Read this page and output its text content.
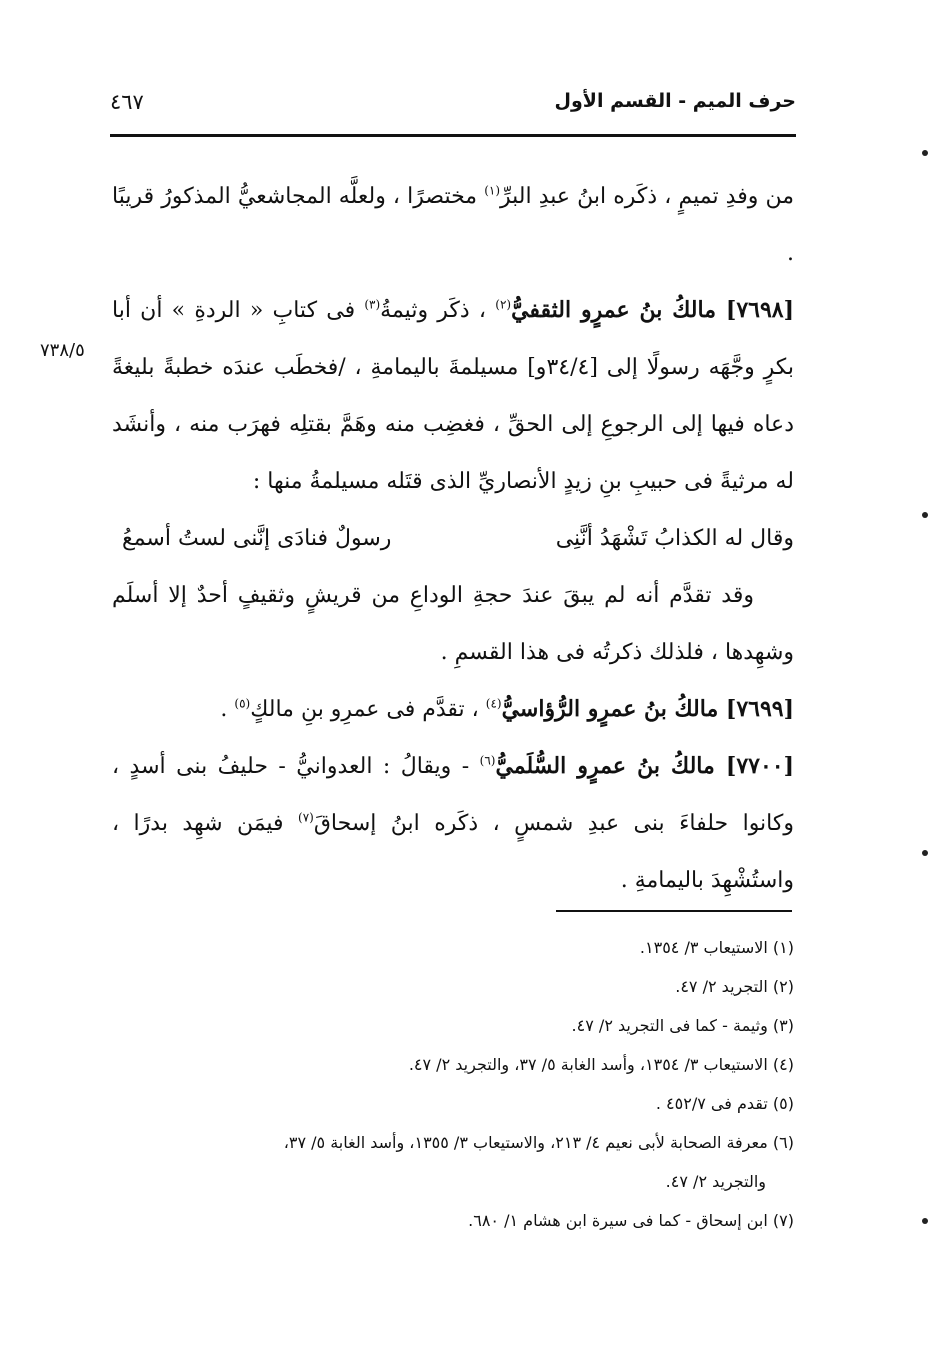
حرف الميم - القسم الأول
٤٦٧
٧٣٨/٥

من وفدِ تميمٍ ، ذكَره ابنُ عبدِ البرِّ$^{(١)}$ مختصرًا ، ولعلَّه المجاشعيُّ المذكورُ قريبًا .

[٧٦٩٨] مالكُ بنُ عمرٍو الثقفيُّ$^{(٢)}$ ، ذكَر وثيمةُ$^{(٣)}$ فى كتابِ « الردةِ » أن أبا بكرٍ وجَّهَه رسولًا إلى [٣٤/٤و] مسيلمةَ باليمامةِ ، /فخطَب عندَه خطبةً بليغةً دعاه فيها إلى الرجوعِ إلى الحقِّ ، فغضِب منه وهَمَّ بقتلِه فهرَب منه ، وأنشَد له مرثيةً فى حبيبِ بنِ زيدٍ الأنصاريِّ الذى قتَله مسيلمةُ منها :

وقال له الكذابُ تَشْهَدُ أنَّنِى
رسولٌ فنادَى إنَّنى لستُ أسمعُ

وقد تقدَّم أنه لم يبقَ عندَ حجةِ الوداعِ من قريشٍ وثقيفٍ أحدٌ إلا أسلَم وشهِدها ، فلذلك ذكرتُه فى هذا القسمِ .

[٧٦٩٩] مالكُ بنُ عمرٍو الرُّؤاسيُّ$^{(٤)}$ ، تقدَّم فى عمرِو بنِ مالكٍ$^{(٥)}$ .

[٧٧٠٠] مالكُ بنُ عمرٍو السُّلَميُّ$^{(٦)}$ - ويقالُ : العدوانيُّ - حليفُ بنى أسدٍ ، وكانوا حلفاءَ بنى عبدِ شمسٍ ، ذكَره ابنُ إسحاقَ$^{(٧)}$ فيمَن شهِد بدرًا ، واستُشْهِدَ باليمامةِ .

(١) الاستيعاب ٣/ ١٣٥٤.

(٢) التجريد ٢/ ٤٧.

(٣) وثيمة - كما فى التجريد ٢/ ٤٧.

(٤) الاستيعاب ٣/ ١٣٥٤، وأسد الغابة ٥/ ٣٧، والتجريد ٢/ ٤٧.

(٥) تقدم فى ٤٥٢/٧ .

(٦) معرفة الصحابة لأبى نعيم ٤/ ٢١٣، والاستيعاب ٣/ ١٣٥٥، وأسد الغابة ٥/ ٣٧،

والتجريد ٢/ ٤٧.

(٧) ابن إسحاق - كما فى سيرة ابن هشام ١/ ٦٨٠.
